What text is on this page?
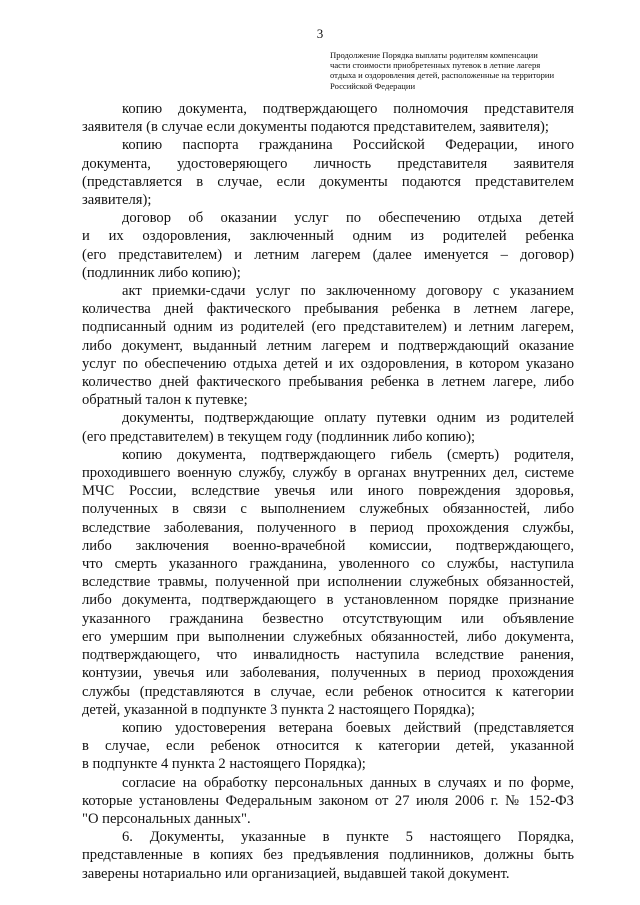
3
Продолжение Порядка выплаты родителям компенсации
части стоимости приобретенных путевок в летние лагеря
отдыха и оздоровления детей, расположенные на территории
Российской Федерации
копию документа, подтверждающего полномочия представителя
заявителя (в случае если документы подаются представителем, заявителя);
копию паспорта гражданина Российской Федерации, иного
документа, удостоверяющего личность представителя заявителя
(представляется в случае, если документы подаются представителем
заявителя);
договор об оказании услуг по обеспечению отдыха детей
и их оздоровления, заключенный одним из родителей ребенка
(его представителем) и летним лагерем (далее именуется – договор)
(подлинник либо копию);
акт приемки-сдачи услуг по заключенному договору с указанием
количества дней фактического пребывания ребенка в летнем лагере,
подписанный одним из родителей (его представителем) и летним лагерем,
либо документ, выданный летним лагерем и подтверждающий оказание
услуг по обеспечению отдыха детей и их оздоровления, в котором указано
количество дней фактического пребывания ребенка в летнем лагере, либо
обратный талон к путевке;
документы, подтверждающие оплату путевки одним из родителей
(его представителем) в текущем году (подлинник либо копию);
копию документа, подтверждающего гибель (смерть) родителя,
проходившего военную службу, службу в органах внутренних дел, системе
МЧС России, вследствие увечья или иного повреждения здоровья,
полученных в связи с выполнением служебных обязанностей, либо
вследствие заболевания, полученного в период прохождения службы,
либо заключения военно-врачебной комиссии, подтверждающего,
что смерть указанного гражданина, уволенного со службы, наступила
вследствие травмы, полученной при исполнении служебных обязанностей,
либо документа, подтверждающего в установленном порядке признание
указанного гражданина безвестно отсутствующим или объявление
его умершим при выполнении служебных обязанностей, либо документа,
подтверждающего, что инвалидность наступила вследствие ранения,
контузии, увечья или заболевания, полученных в период прохождения
службы (представляются в случае, если ребенок относится к категории
детей, указанной в подпункте 3 пункта 2 настоящего Порядка);
копию удостоверения ветерана боевых действий (представляется
в случае, если ребенок относится к категории детей, указанной
в подпункте 4 пункта 2 настоящего Порядка);
согласие на обработку персональных данных в случаях и по форме,
которые установлены Федеральным законом от 27 июля 2006 г. № 152-ФЗ
"О персональных данных".
6. Документы, указанные в пункте 5 настоящего Порядка,
представленные в копиях без предъявления подлинников, должны быть
заверены нотариально или организацией, выдавшей такой документ.
